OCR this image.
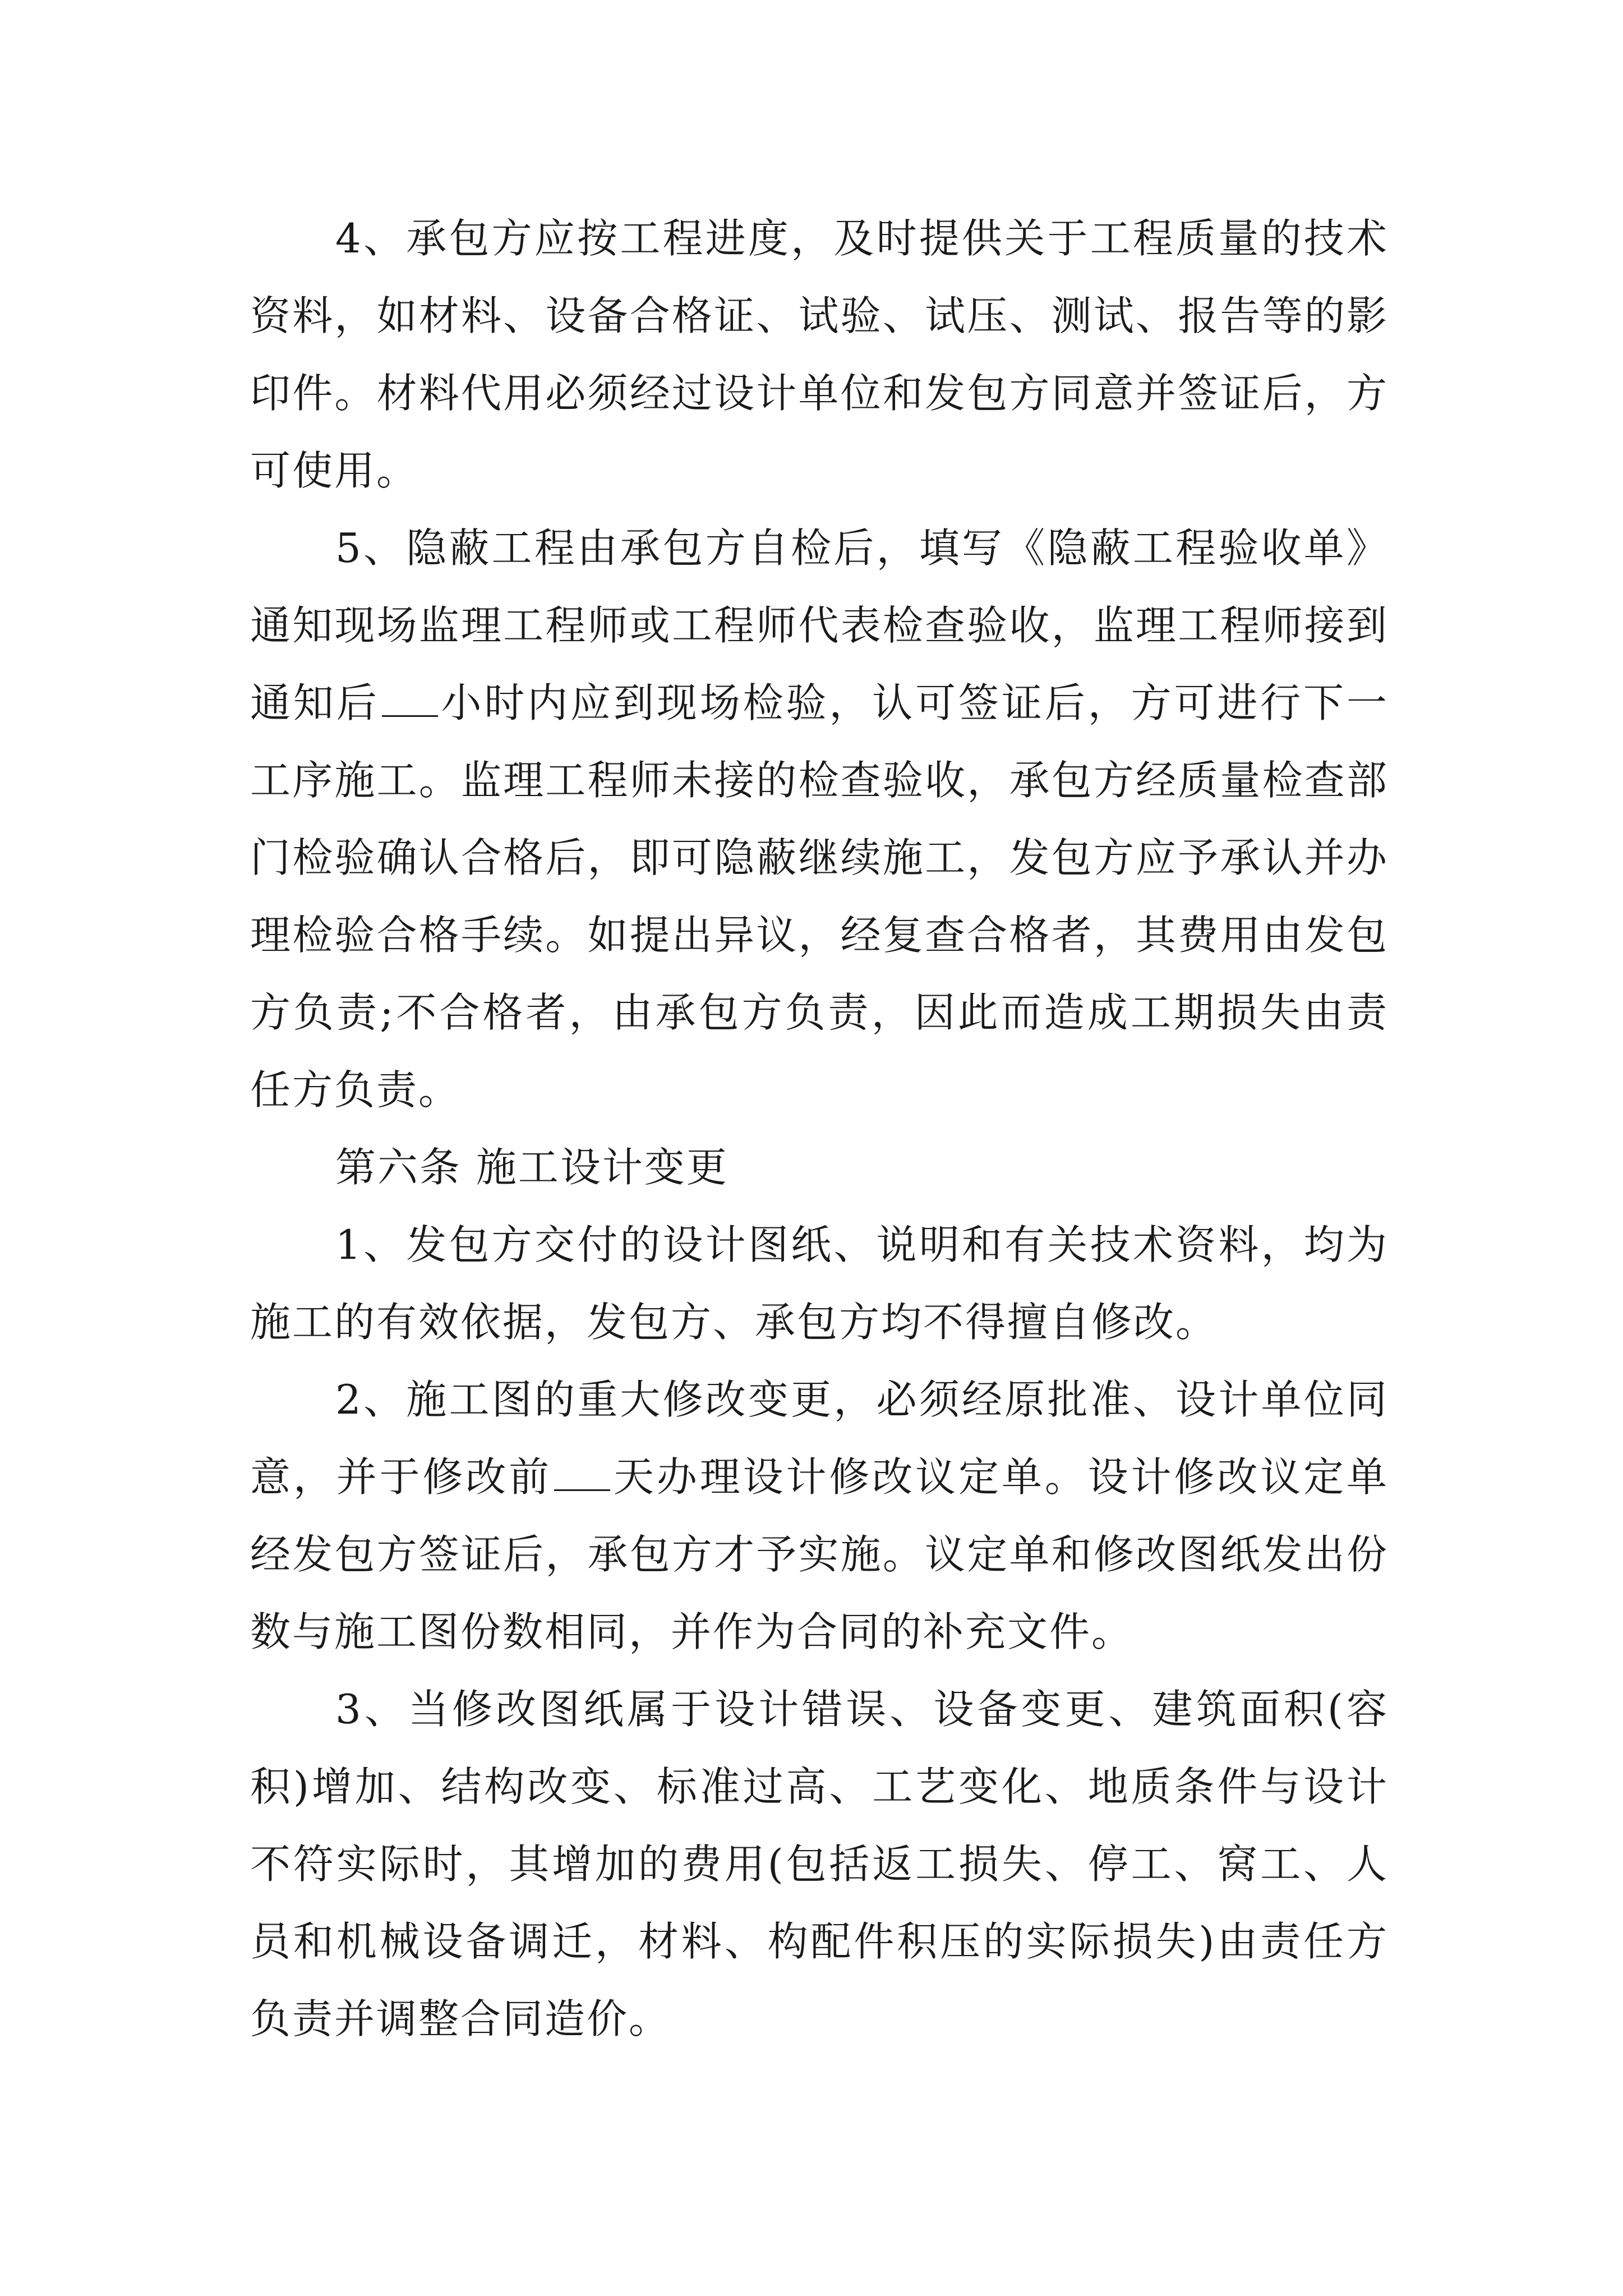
4、承包方应按工程进度，及时提供关于工程质量的技术资料，如材料、设备合格证、试验、试压、测试、报告等的影印件。材料代用必须经过设计单位和发包方同意并签证后，方可使用。

5、隐蔽工程由承包方自检后，填写《隐蔽工程验收单》通知现场监理工程师或工程师代表检查验收，监理工程师接到通知后 小时内应到现场检验，认可签证后，方可进行下一工序施工。监理工程师未接的检查验收，承包方经质量检查部门检验确认合格后，即可隐蔽继续施工，发包方应予承认并办理检验合格手续。如提出异议，经复查合格者，其费用由发包方负责;不合格者，由承包方负责，因此而造成工期损失由责任方负责。

第六条 施工设计变更

1、发包方交付的设计图纸、说明和有关技术资料，均为施工的有效依据，发包方、承包方均不得擅自修改。

2、施工图的重大修改变更，必须经原批准、设计单位同意，并于修改前 天办理设计修改议定单。设计修改议定单经发包方签证后，承包方才予实施。议定单和修改图纸发出份数与施工图份数相同，并作为合同的补充文件。

3、当修改图纸属于设计错误、设备变更、建筑面积(容积)增加、结构改变、标准过高、工艺变化、地质条件与设计不符实际时，其增加的费用(包括返工损失、停工、窝工、人员和机械设备调迁，材料、构配件积压的实际损失)由责任方负责并调整合同造价。
